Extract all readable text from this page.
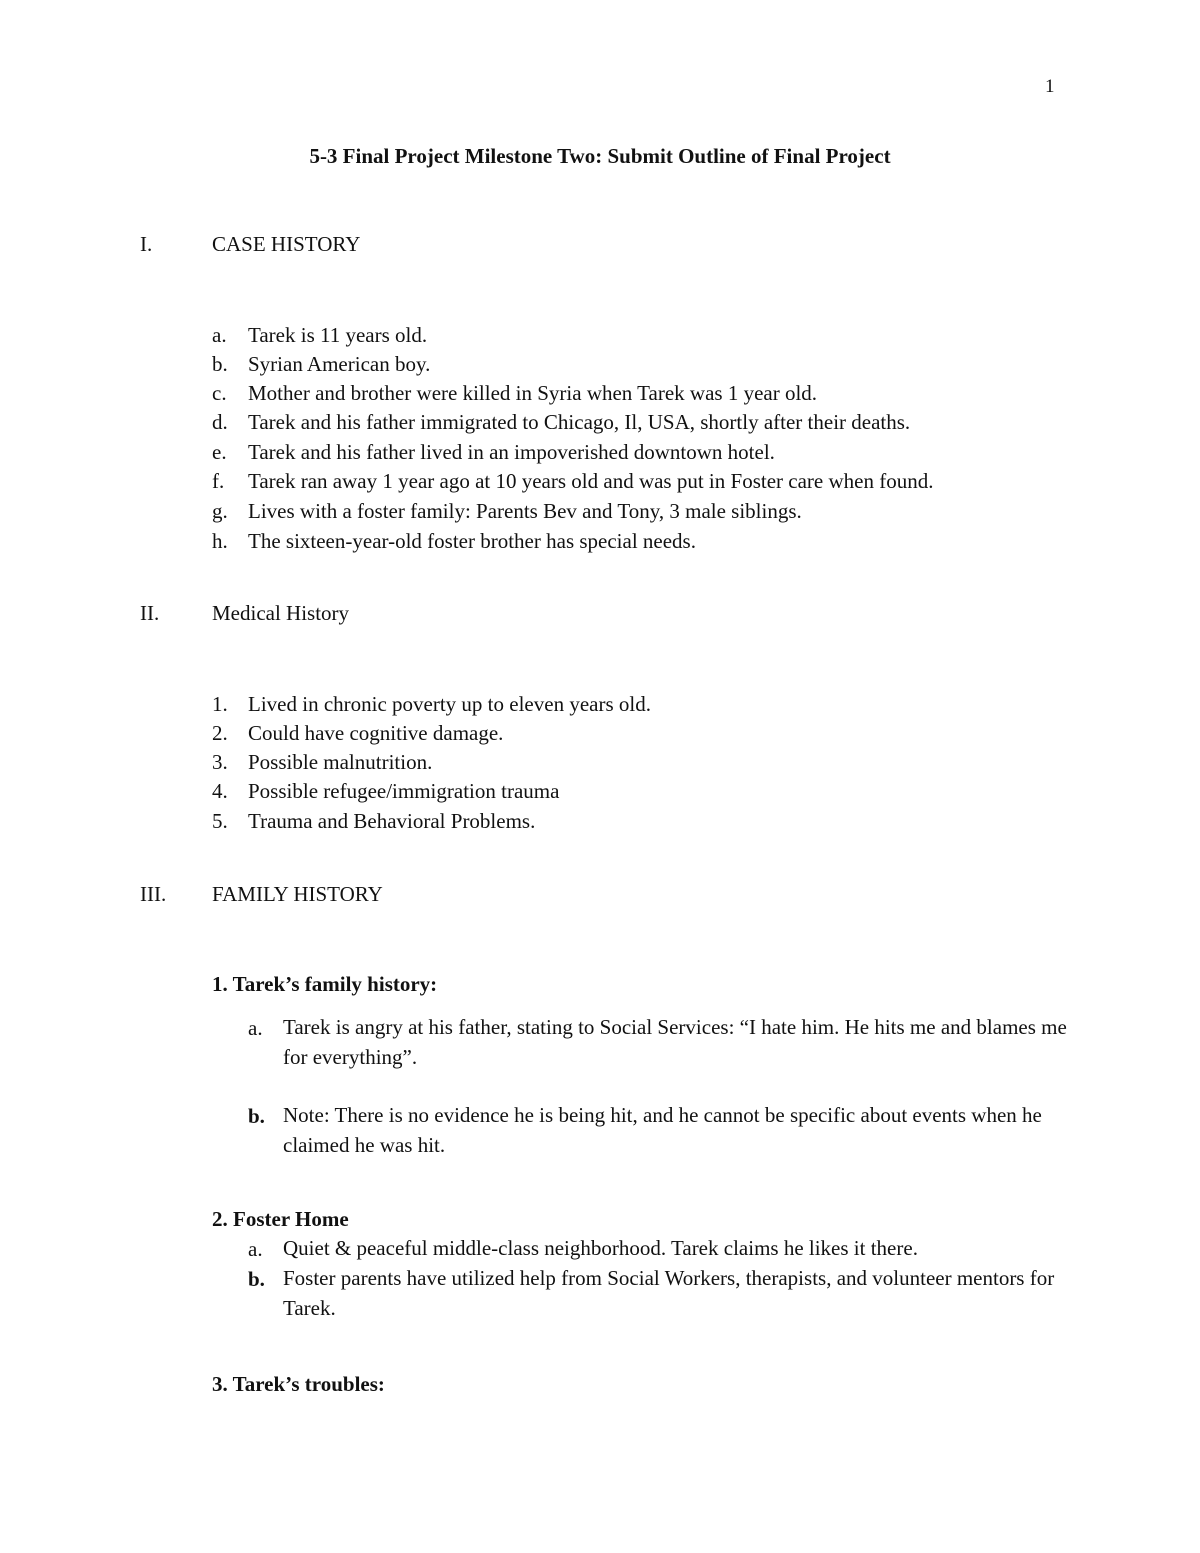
1
5-3 Final Project Milestone Two: Submit Outline of Final Project
I.	CASE HISTORY
a.	Tarek is 11 years old.
b. Syrian American boy.
c.	Mother and brother were killed in Syria when Tarek was 1 year old.
d. Tarek and his father immigrated to Chicago, Il, USA, shortly after their deaths.
e.	Tarek and his father lived in an impoverished downtown hotel.
f.	Tarek ran away 1 year ago at 10 years old and was put in Foster care when found.
g. Lives with a foster family: Parents Bev and Tony, 3 male siblings.
h. The sixteen-year-old foster brother has special needs.
II.	Medical History
1. Lived in chronic poverty up to eleven years old.
2. Could have cognitive damage.
3. Possible malnutrition.
4. Possible refugee/immigration trauma
5. Trauma and Behavioral Problems.
III. FAMILY HISTORY
1. Tarek’s family history:
a. Tarek is angry at his father, stating to Social Services: “I hate him. He hits me and blames me for everything”.
b. Note: There is no evidence he is being hit, and he cannot be specific about events when he claimed he was hit.
2. Foster Home
a. Quiet & peaceful middle-class neighborhood. Tarek claims he likes it there.
b. Foster parents have utilized help from Social Workers, therapists, and volunteer mentors for Tarek.
3. Tarek’s troubles:
